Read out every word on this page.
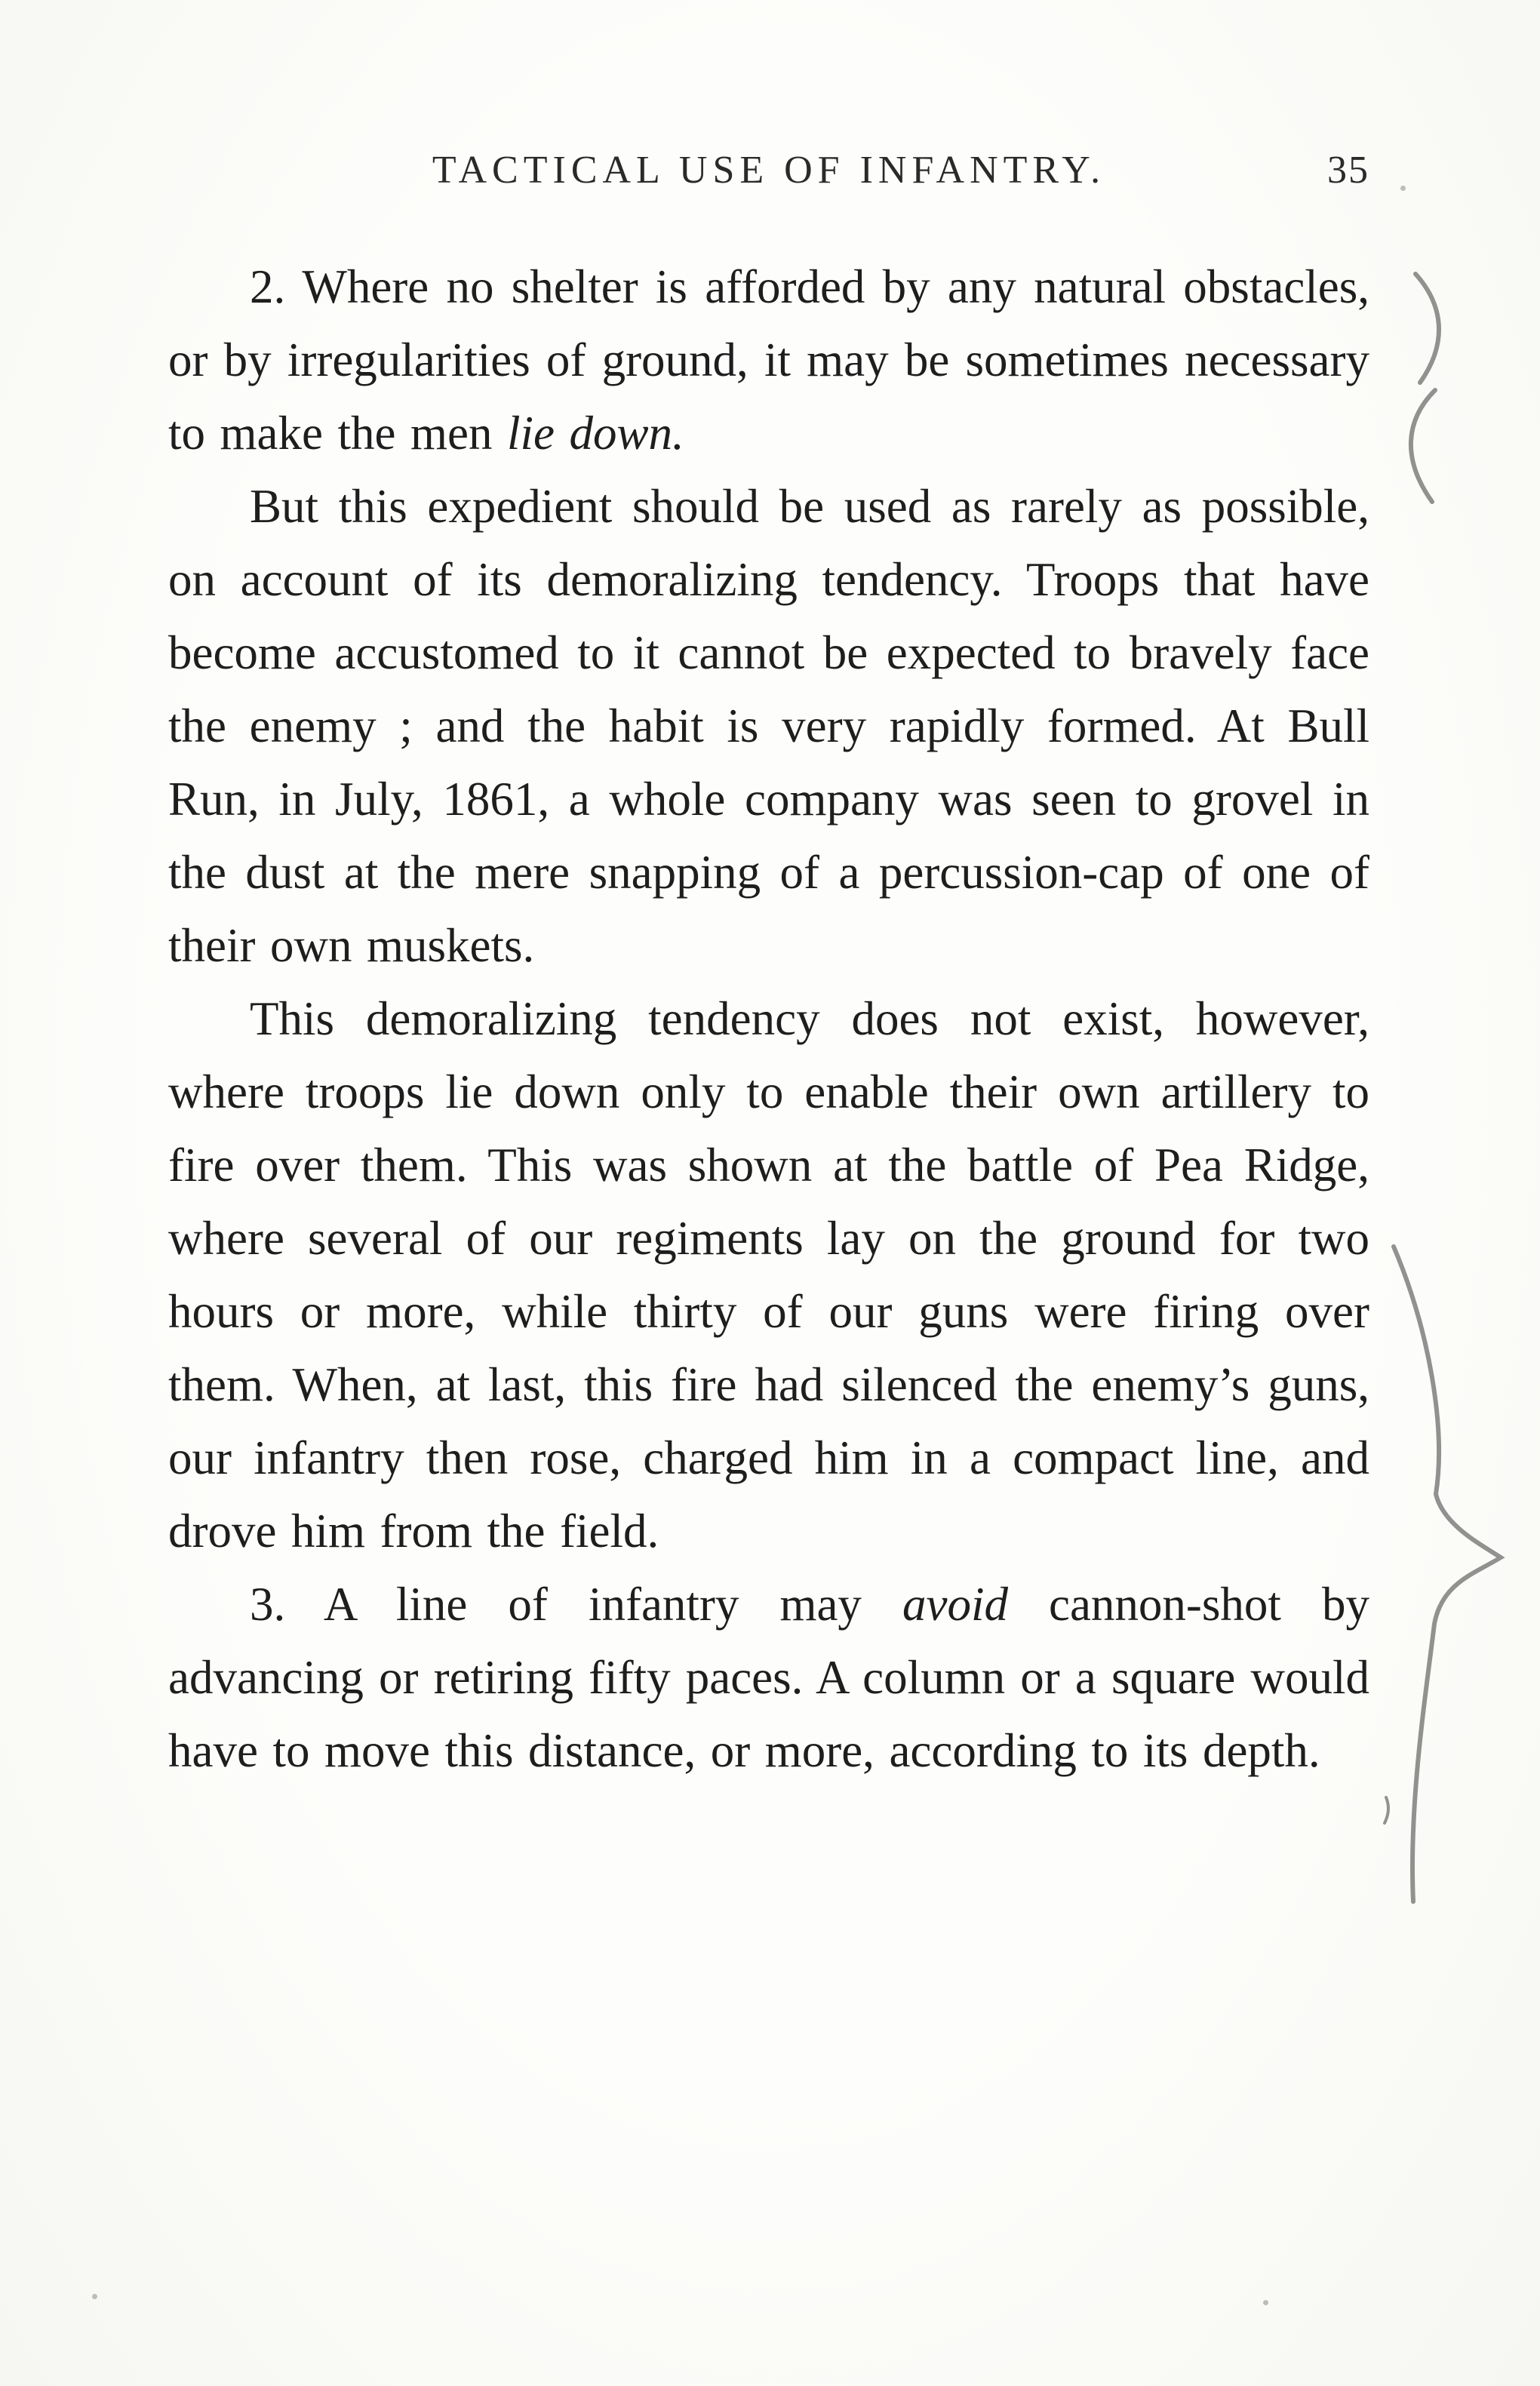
TACTICAL USE OF INFANTRY.	35

2. Where no shelter is afforded by any natural obstacles, or by irregularities of ground, it may be sometimes necessary to make the men lie down.

But this expedient should be used as rarely as possible, on account of its demoralizing tendency. Troops that have become accustomed to it cannot be expected to bravely face the enemy ; and the habit is very rapidly formed. At Bull Run, in July, 1861, a whole company was seen to grovel in the dust at the mere snapping of a percussion-cap of one of their own muskets.

This demoralizing tendency does not exist, however, where troops lie down only to enable their own artillery to fire over them. This was shown at the battle of Pea Ridge, where several of our regiments lay on the ground for two hours or more, while thirty of our guns were firing over them. When, at last, this fire had silenced the enemy’s guns, our infantry then rose, charged him in a compact line, and drove him from the field.

3. A line of infantry may avoid cannon-shot by advancing or retiring fifty paces. A column or a square would have to move this distance, or more, according to its depth.
